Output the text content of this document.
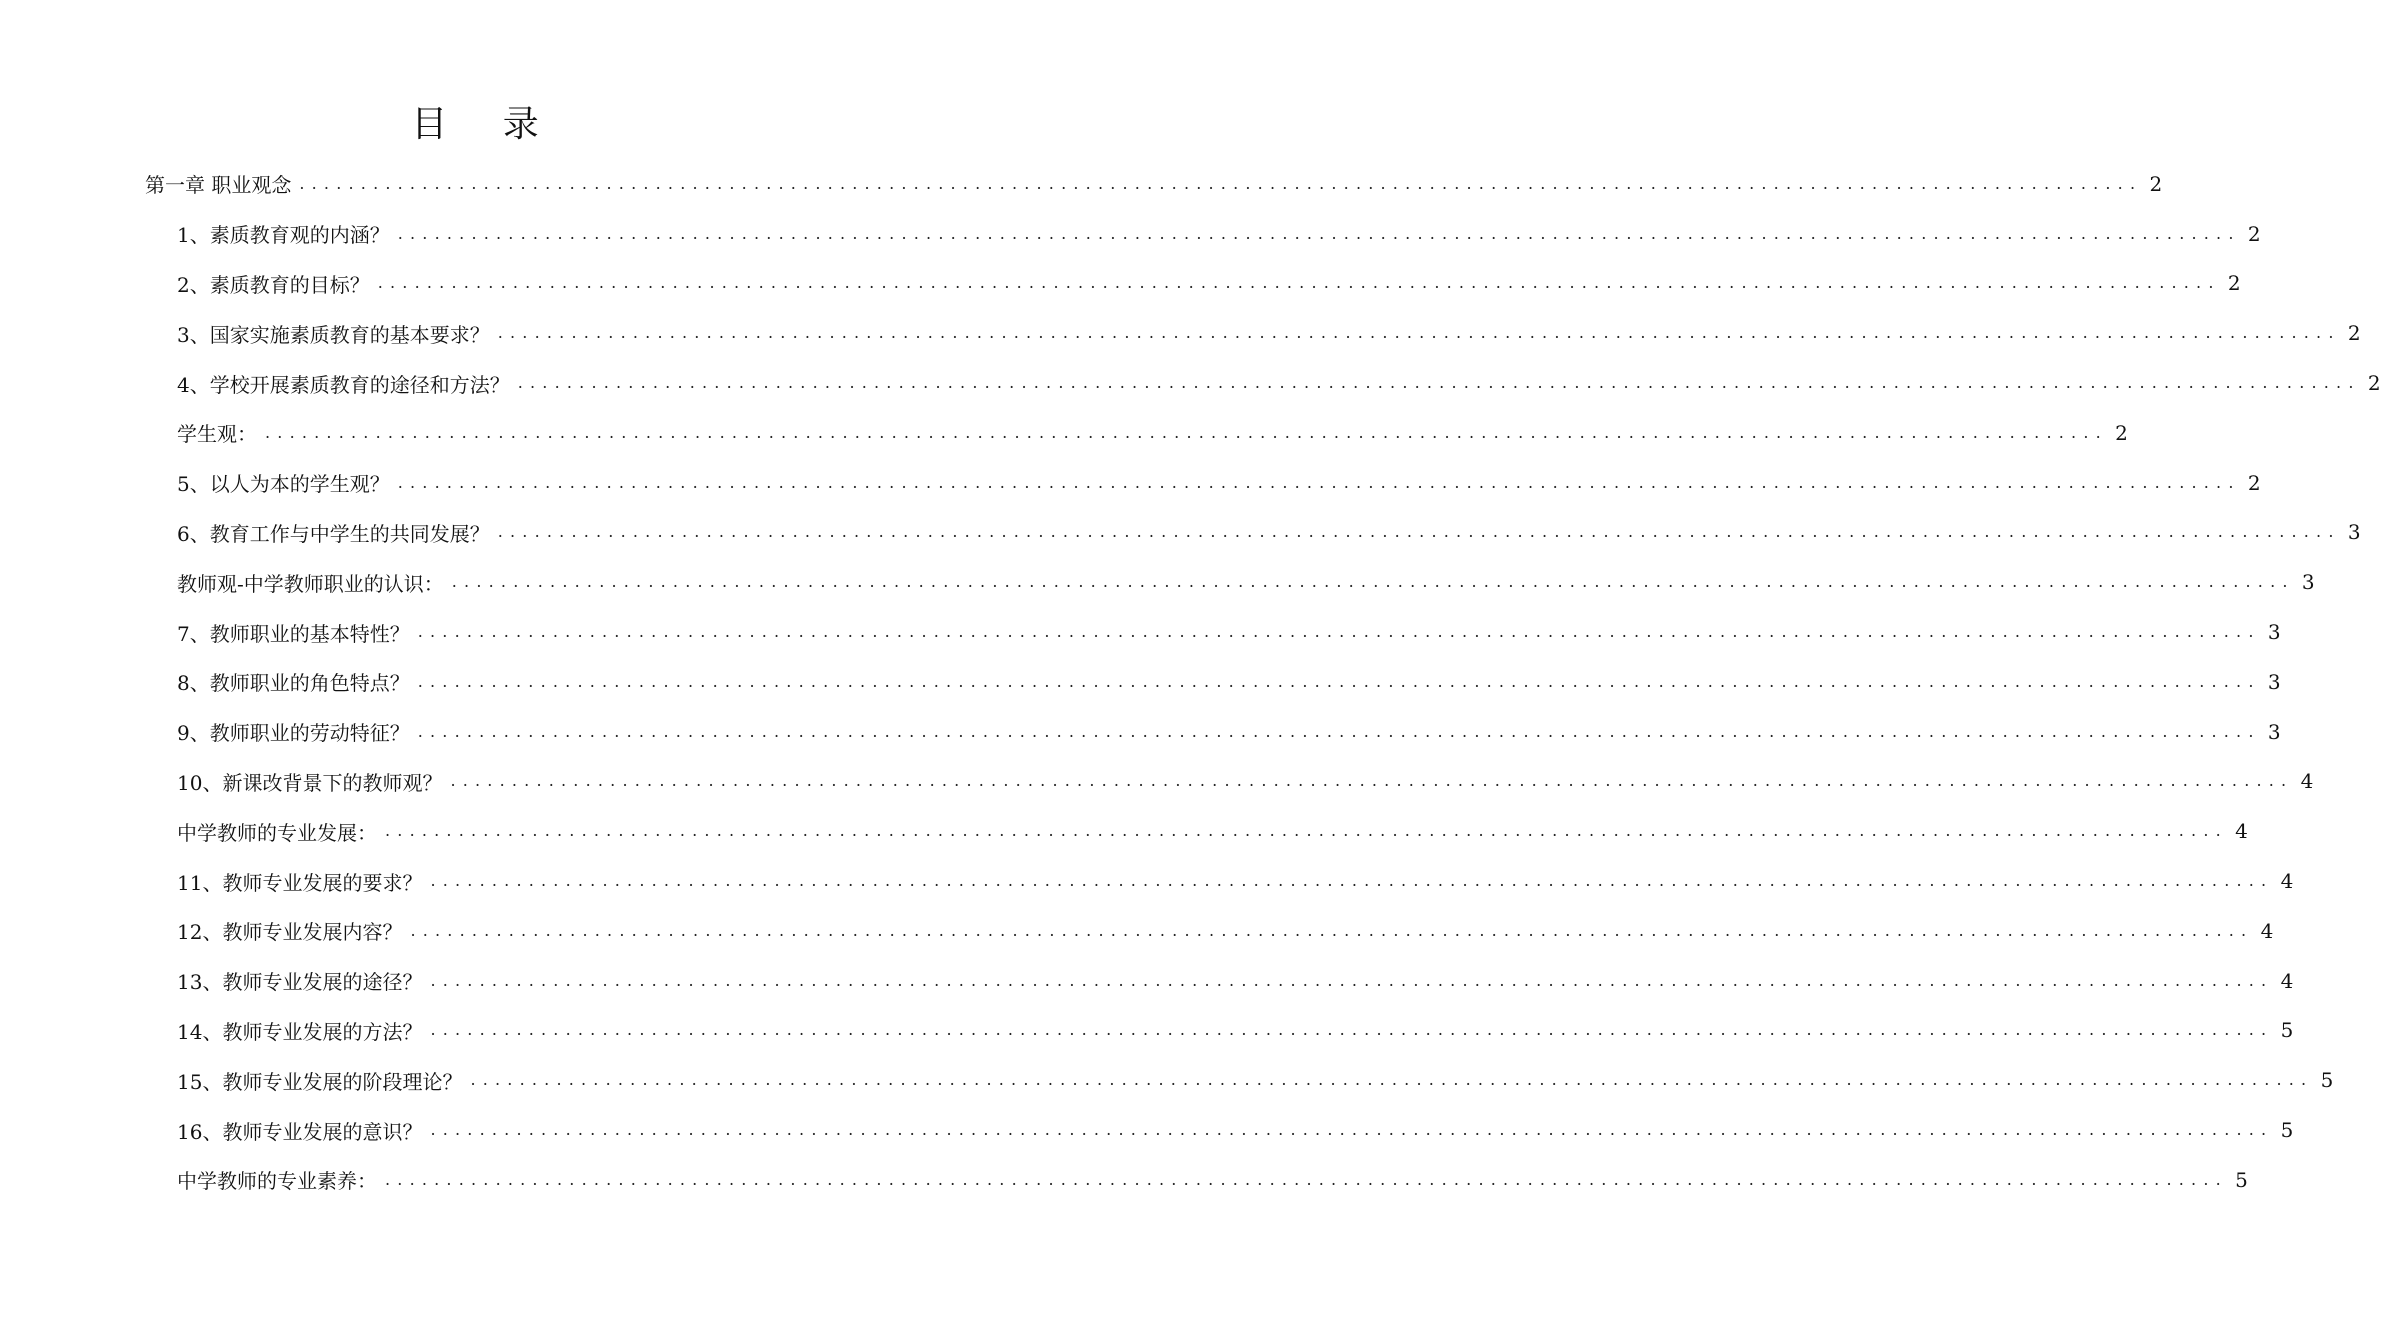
目 录
第一章 职业观念 ...................................................................................................................................................... 2
1、 素质教育观的内涵？ ...................................................................................................................................................... 2
2、 素质教育的目标？ ...................................................................................................................................................... 2
3、 国家实施素质教育的基本要求？ ...................................................................................................................................................... 2
4、 学校开展素质教育的途径和方法？ ...................................................................................................................................................... 2
学生观： ...................................................................................................................................................... 2
5、 以人为本的学生观？ ...................................................................................................................................................... 2
6、 教育工作与中学生的共同发展？ ...................................................................................................................................................... 3
教师观-中学教师职业的认识： ...................................................................................................................................................... 3
7、 教师职业的基本特性？ ...................................................................................................................................................... 3
8、 教师职业的角色特点？ ...................................................................................................................................................... 3
9、 教师职业的劳动特征？ ...................................................................................................................................................... 3
10、 新课改背景下的教师观？ ...................................................................................................................................................... 4
中学教师的专业发展： ...................................................................................................................................................... 4
11、 教师专业发展的要求？ ...................................................................................................................................................... 4
12、 教师专业发展内容？ ...................................................................................................................................................... 4
13、 教师专业发展的途径？ ...................................................................................................................................................... 4
14、 教师专业发展的方法？ ...................................................................................................................................................... 5
15、 教师专业发展的阶段理论？ ...................................................................................................................................................... 5
16、 教师专业发展的意识？ ...................................................................................................................................................... 5
中学教师的专业素养： ...................................................................................................................................................... 5
